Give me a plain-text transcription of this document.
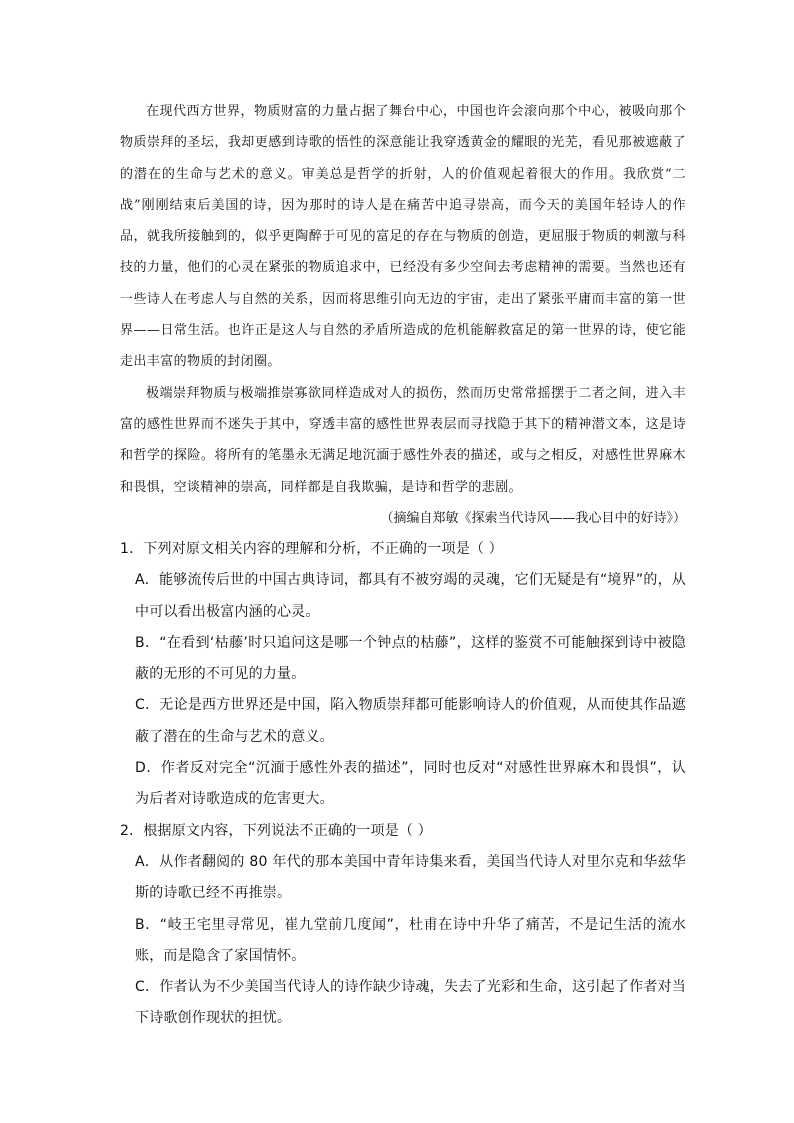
在现代西方世界，物质财富的力量占据了舞台中心，中国也许会滚向那个中心，被吸向那个物质崇拜的圣坛，我却更感到诗歌的悟性的深意能让我穿透黄金的耀眼的光芜，看见那被遮蔽了的潜在的生命与艺术的意义。审美总是哲学的折射，人的价值观起着很大的作用。我欣赏“二战”刚刚结束后美国的诗，因为那时的诗人是在痛苦中追寻崇高，而今天的美国年轻诗人的作品，就我所接触到的，似乎更陶醉于可见的富足的存在与物质的创造，更屈服于物质的刺激与科技的力量，他们的心灵在紧张的物质追求中，已经没有多少空间去考虑精神的需要。当然也还有一些诗人在考虑人与自然的关系，因而将思维引向无边的宇宙，走出了紧张平庸而丰富的第一世界——日常生活。也许正是这人与自然的矛盾所造成的危机能解救富足的第一世界的诗，使它能走出丰富的物质的封闭圈。

极端崇拜物质与极端推崇寡欲同样造成对人的损伤，然而历史常常摇摆于二者之间，进入丰富的感性世界而不迷失于其中，穿透丰富的感性世界表层而寻找隐于其下的精神潜文本，这是诗和哲学的探险。将所有的笔墨永无满足地沉湎于感性外表的描述，或与之相反，对感性世界麻木和畏惧，空谈精神的崇高，同样都是自我欺骗，是诗和哲学的悲剧。

（摘编自郑敏《探索当代诗风——我心目中的好诗》）

1．下列对原文相关内容的理解和分析，不正确的一项是（ ）

A．能够流传后世的中国古典诗词，都具有不被穷竭的灵魂，它们无疑是有“境界”的，从中可以看出极富内涵的心灵。

B．“在看到‘枯藤’时只追问这是哪一个钟点的枯藤”，这样的鉴赏不可能触探到诗中被隐蔽的无形的不可见的力量。

C．无论是西方世界还是中国，陷入物质崇拜都可能影响诗人的价值观，从而使其作品遮蔽了潜在的生命与艺术的意义。

D．作者反对完全“沉湎于感性外表的描述”，同时也反对“对感性世界麻木和畏惧”，认为后者对诗歌造成的危害更大。

2．根据原文内容，下列说法不正确的一项是（ ）

A．从作者翻阅的 80 年代的那本美国中青年诗集来看，美国当代诗人对里尔克和华兹华斯的诗歌已经不再推崇。

B．“岐王宅里寻常见，崔九堂前几度闻”，杜甫在诗中升华了痛苦，不是记生活的流水账，而是隐含了家国情怀。

C．作者认为不少美国当代诗人的诗作缺少诗魂，失去了光彩和生命，这引起了作者对当下诗歌创作现状的担忧。
